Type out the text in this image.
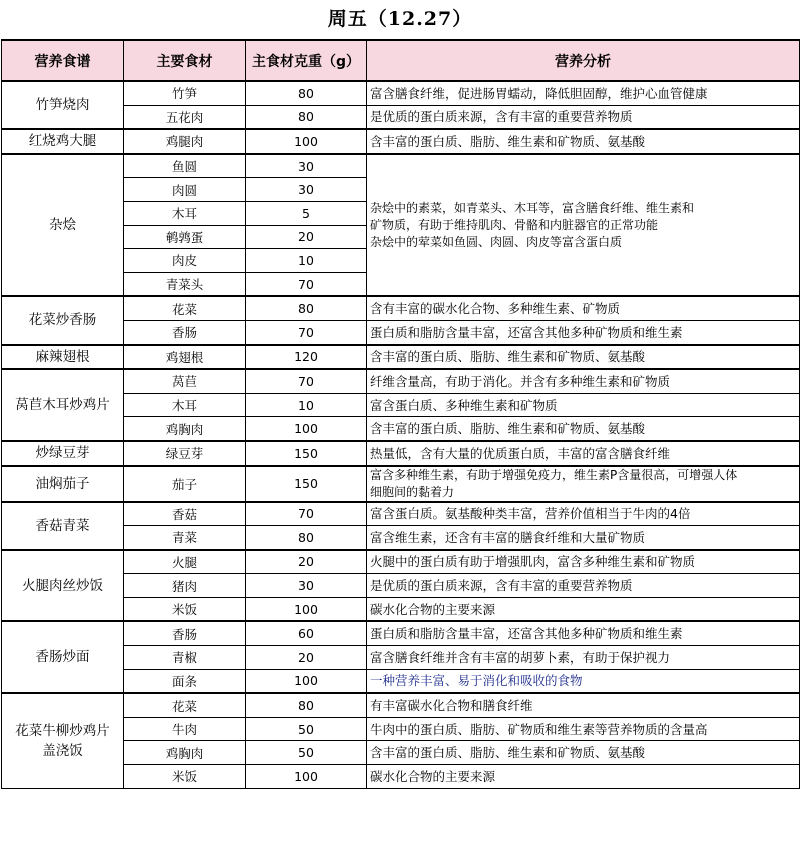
周五（12.27）
营养食谱	主要食材	主食材克重（g）	营养分析
竹笋烧肉	竹笋	80	富含膳食纤维，促进肠胃蠕动，降低胆固醇，维护心血管健康
	五花肉	80	是优质的蛋白质来源，含有丰富的重要营养物质
红烧鸡大腿	鸡腿肉	100	含丰富的蛋白质、脂肪、维生素和矿物质、氨基酸
杂烩	鱼圆	30	杂烩中的素菜，如青菜头、木耳等，富含膳食纤维、维生素和
矿物质，有助于维持肌肉、骨骼和内脏器官的正常功能
杂烩中的荤菜如鱼圆、肉圆、肉皮等富含蛋白质

	肉圆	30	
	木耳	5	
	鹌鹑蛋	20	
	肉皮	10	
	青菜头	70	
花菜炒香肠	花菜	80	含有丰富的碳水化合物、多种维生素、矿物质
	香肠	70	蛋白质和脂肪含量丰富，还富含其他多种矿物质和维生素
麻辣翅根	鸡翅根	120	含丰富的蛋白质、脂肪、维生素和矿物质、氨基酸
莴苣木耳炒鸡片	莴苣	70	纤维含量高，有助于消化。并含有多种维生素和矿物质
	木耳	10	富含蛋白质、多种维生素和矿物质
	鸡胸肉	100	含丰富的蛋白质、脂肪、维生素和矿物质、氨基酸
炒绿豆芽	绿豆芽	150	热量低，含有大量的优质蛋白质，丰富的富含膳食纤维
油焖茄子	茄子	150	富含多种维生素，有助于增强免疫力，维生素P含量很高，可增强人体
细胞间的黏着力

香菇青菜	香菇	70	富含蛋白质。氨基酸种类丰富，营养价值相当于牛肉的4倍
	青菜	80	富含维生素，还含有丰富的膳食纤维和大量矿物质
火腿肉丝炒饭	火腿	20	火腿中的蛋白质有助于增强肌肉，富含多种维生素和矿物质
	猪肉	30	是优质的蛋白质来源，含有丰富的重要营养物质
	米饭	100	碳水化合物的主要来源
香肠炒面	香肠	60	蛋白质和脂肪含量丰富，还富含其他多种矿物质和维生素
	青椒	20	富含膳食纤维并含有丰富的胡萝卜素，有助于保护视力
	面条	100	一种营养丰富、易于消化和吸收的食物

花菜牛柳炒鸡片
盖浇饭	花菜	80	有丰富碳水化合物和膳食纤维
	牛肉	50	牛肉中的蛋白质、脂肪、矿物质和维生素等营养物质的含量高
	鸡胸肉	50	含丰富的蛋白质、脂肪、维生素和矿物质、氨基酸
	米饭	100	碳水化合物的主要来源
